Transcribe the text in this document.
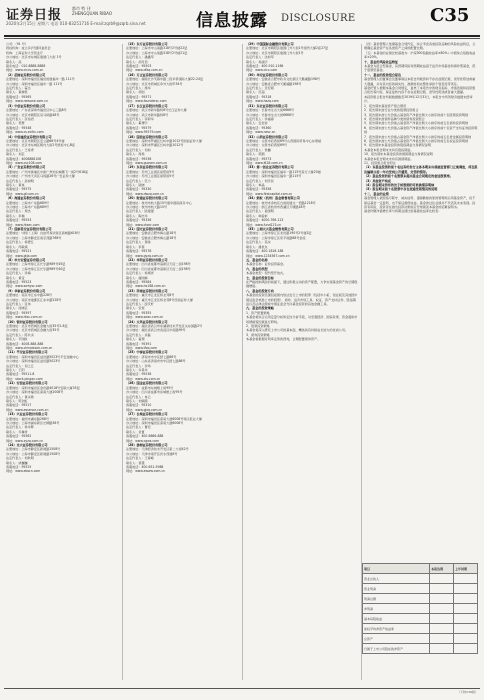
证券日报 都市 特 刊
ZHENGQUAN RIBAO
2020年2月15日 星期六 电话 010-83251716 E-mail:zqrb9@zqrb.sina.net	信息披露 DISCLOSURE	C35

公司：（91 号）

授权机构：成立(1)号通风委员会

机构：上海证券大学营业厅

办公地址：北京市东城区建国门大街 1号

联系人：高

联系电话：010-8888-8888

网址：www.ciccs.com.cn

（2）招商证券股份有限公司

注册地址：深圳市福田区福田街道福华一路 111号

办公地址：深圳市福田区福华一路 111号

法定代表人：霍达

联系人：黄婵君

客服电话：95565

网址：www.newone.com.cn

（3）中信证券股份有限公司

注册地址：广东省深圳市福田区中心三路8号

办公地址：北京市朝阳区亮马桥路48号

法定代表人：张佑君

联系人：郑慧

客服电话：95548

网址：www.cs.ecitic.com

（4）中信建投证券股份有限公司

注册地址：北京市朝阳区安立路66号4号楼

办公地址：北京市东城区朝内大街2号凯恒中心B座

法定代表人：王常青

联系人：刘芸

客服电话：4008888108

网址：www.csc108.com

（5）广发证券股份有限公司

注册地址：广州市黄埔区中新广州知识城腾飞一街2号618室

办公地址：广州市天河区马场路26号广发证券大厦

法定代表人：孙树明

联系人：黄岚

客服电话：95575

网址：www.gf.com.cn

（6）海通证券股份有限公司

注册地址：上海市广东路689号

办公地址：上海市广东路689号

法定代表人：周杰

联系人：李楠

客服电话：95553

网址：www.htsec.com

（7）国泰君安证券股份有限公司

注册地址：中国（上海）自由贸易试验区商城路618号

办公地址：上海市静安区南京西路768号

法定代表人：杨德红

联系人：芮敏祺

客服电话：95521

网址：www.gtja.com

（8）申万宏源证券有限公司

注册地址：上海市徐汇区长乐路989号45层

办公地址：上海市徐汇区长乐路989号40层

法定代表人：李梅

联系人：黄莹

客服电话：95523

网址：www.swhysc.com

（9）华泰证券股份有限公司

注册地址：南京市江东中路228号

办公地址：南京市建邺区江东中路228号

法定代表人：张伟

联系人：庞晓芸

客服电话：95597

网址：www.htsc.com.cn

（10）银河证券股份有限公司

注册地址：北京市西城区金融大街35号2-6层

办公地址：北京市西城区金融大街35号

法定代表人：陈共炎

联系人：辛国政

客服电话：4008-888-888

网址：www.chinastock.com.cn

（11）平安证券股份有限公司

注册地址：深圳市福田区益田路5023号平安金融中心

办公地址：深圳市福田区益田路5023号

法定代表人：何之江

联系人：王阳

客服电话：95511-8

网址：stock.pingan.com

（12）安信证券股份有限公司

注册地址：深圳市福田区金田路4018号安联大厦35层

办公地址：深圳市福田区深南大道2008号

法定代表人：黄炎勋

联系人：陈剑虹

客服电话：95517

网址：www.essence.com.cn

（13）兴业证券股份有限公司

注册地址：福州市湖东路268号

办公地址：上海市浦东新区长柳路36号

法定代表人：杨华辉

联系人：乔琳雪

客服电话：95562

网址：www.xyzq.com.cn

（14）光大证券股份有限公司

注册地址：上海市静安区新闸路1508号

办公地址：上海市静安区新闸路1508号

法定代表人：刘秋明

联系人：姚巍巍

客服电话：95525

网址：www.ebscn.com

（15）东方证券股份有限公司

注册地址：上海市中山南路318号2号楼22层

办公地址：上海市中山南路318号2号楼21层

法定代表人：潘鑫军

联系人：胡月茹

客服电话：95503

网址：www.dfzq.com.cn

（16）方正证券股份有限公司

注册地址：湖南长沙芙蓉中路二段华侨国际大厦22-24层

办公地址：北京市西城区阜外大街甲34号

法定代表人：施华

联系人：胡创

客服电话：95571

网址：www.foundersc.com

（17）长江证券股份有限公司

注册地址：武汉市新华路特8号长江证券大厦

办公地址：武汉市新华路特8号

法定代表人：李新华

联系人：奚博宇

客服电话：95579

网址：www.95579.com

（18）国信证券股份有限公司

注册地址：深圳市罗湖区红岭中路1012号国信证券大厦

办公地址：深圳市罗湖区红岭中路1012号

法定代表人：何如

联系人：周杨

客服电话：95536

网址：www.guosen.com.cn

（19）东吴证券股份有限公司

注册地址：苏州工业园区星阳街5号

办公地址：苏州工业园区星阳街5号

法定代表人：范力

联系人：陆晓

客服电话：95330

网址：www.dwzq.com.cn

（20）财通证券股份有限公司

注册地址：杭州市杭大路15号嘉华国际商务中心

办公地址：杭州市杭大路15号

法定代表人：陆建强

联系人：陶志华

客服电话：95336

网址：www.ctsec.com

（21）国元证券股份有限公司

注册地址：安徽省合肥市梅山路18号

办公地址：安徽省合肥市梅山路18号

法定代表人：蔡咏

联系人：李蔡

客服电话：95578

网址：www.gyzq.com.cn

（22）华西证券股份有限公司

注册地址：四川省成都市高新区天府二街198号

办公地址：四川省成都市高新区天府二街198号

法定代表人：杨炯洋

联系人：谢国梅

客服电话：95584

网址：www.hx168.com.cn

（23）西南证券股份有限公司

注册地址：重庆市江北区桥北苑8号

办公地址：重庆市江北区桥北苑8号西南证券大厦

法定代表人：廖庆轩

联系人：张煜

客服电话：95355

网址：www.swsc.com.cn

（24）天风证券股份有限公司

注册地址：湖北省武汉市东湖新技术开发区关东园路2号

办公地址：湖北省武汉市武昌区中南路99号

法定代表人：余磊

联系人：翟璟

客服电话：95391

网址：www.tfzq.com

（25）中泰证券股份有限公司

注册地址：济南市市中区经七路86号

办公地址：山东省济南市市中区经七路86号

法定代表人：李玮

联系人：许曼华

客服电话：95538

网址：www.zts.com.cn

（26）国金证券股份有限公司

注册地址：成都市东城根上街95号

办公地址：四川省成都市东城根上街95号

法定代表人：冉云

联系人：刘婧漪

客服电话：95310

网址：www.gjzq.com.cn

（27）长城证券股份有限公司

注册地址：深圳市福田区深南大道6008号特区报业大厦

办公地址：深圳市福田区深南大道6008号

法定代表人：曹宏

联系人：金夏

客服电话：400-6666-888

网址：www.cgws.com

（28）渤海证券股份有限公司

注册地址：天津经济技术开发区第二大街42号

办公地址：天津市南开区宾水西道8号

法定代表人：王春峰

联系人：蔡霆

客服电话：400-651-5988

网址：www.ewww.com.cn

（29）中国国际金融股份有限公司

注册地址：北京市朝阳区建国门外大街1号国贸大厦2座27层

办公地址：北京市朝阳区建国门外大街1号

法定代表人：沈如军

联系人：杨涵宇

客服电话：400-910-1166

网址：www.cicc.com

（30）华安证券股份有限公司

注册地址：安徽省合肥市政务文化新区天鹅湖路198号

办公地址：安徽省合肥市天鹅湖路198号

法定代表人：章宏韬

联系人：范超

客服电话：95318

网址：www.hazq.com

（31）东北证券股份有限公司

注册地址：长春市生态大街6666号

办公地址：长春市生态大街6666号

法定代表人：李福春

联系人：安岩岩

客服电话：95360

网址：www.nesc.cn

（32）山西证券股份有限公司

注册地址：太原市府西街69号山西国际贸易中心东塔楼

办公地址：太原市府西街69号

法定代表人：侯巍

联系人：郭熠

客服电话：95573

网址：www.i618.com.cn

（33）第一创业证券股份有限公司

注册地址：深圳市福田区福华一路115号投行大厦20楼

办公地址：深圳市福田区福华一路115号

法定代表人：刘学民

联系人：单晶

客服电话：95358

网址：www.firstcapital.com.cn

（34）蚂蚁（杭州）基金销售有限公司

注册地址：杭州市余杭区仓前街道文一西路1218号

办公地址：浙江省杭州市西湖区万塘路18号

法定代表人：祖国明

联系人：韩爱彬

客服电话：4000-766-123

网址：www.fund123.cn

（35）上海天天基金销售有限公司

注册地址：上海市徐汇区龙田路190号2号楼2层

办公地址：上海市徐汇区宛平南路88号金座

法定代表人：其实

联系人：潘世友

客服电话：400-1818-188

网址：www.1234567.com.cn

五、基金的名称

本基金名称：证券投资基金。

六、基金的类型

本基金类型：契约型开放式。

七、基金的投资目标

在严格控制风险的前提下，通过积极主动的资产配置，力争实现基金资产的长期稳健增值。

八、基金的投资方向

本基金的投资范围包括国内依法发行上市的股票（包括中小板、创业板及其他经中国证监会核准上市的股票）、债券、货币市场工具、权证、资产支持证券、股指期货以及法律法规或中国证监会允许基金投资的其他金融工具。

九、基金的投资策略

1、资产配置策略

本基金将综合运用定量分析和定性分析手段，对宏观经济、国家政策、资金面和市场情绪等因素进行研判。

2、股票投资策略

本基金将深入研究上市公司的基本面，精选具有持续成长能力的优质公司。

3、债券投资策略

本基金将根据对利率走势的预判，合理配置债券资产。

（四）基金管理人依据基金合同约定，综合考虑各类投资品种的风险收益特征，合理确定基金资产在各类资产之间的配置比例。

（五）本基金的业绩比较基准为：沪深300指数收益率×80%＋中债综合指数收益率×20%。

十、基金的风险收益特征

本基金为混合型基金，其预期风险和预期收益高于货币市场基金和债券型基金，低于股票型基金。

十一、基金的投资组合报告

基金管理人的董事会及董事保证本报告所载资料不存在虚假记载、误导性陈述或重大遗漏，并对其内容的真实性、准确性和完整性承担个别及连带责任。

基金托管人根据本基金合同规定，复核了本报告中的财务指标、净值表现和投资组合报告等内容，保证复核内容不存在虚假记载、误导性陈述或者重大遗漏。

本投资组合报告所载数据截至2019年12月31日，本报告中所列财务数据未经审计。

1、报告期末基金资产组合情况

2、报告期末按行业分类的股票投资组合

3、报告期末按公允价值占基金资产净值比例大小排序的前十名股票投资明细

4、报告期末按债券品种分类的债券投资组合

5、报告期末按公允价值占基金资产净值比例大小排序的前五名债券投资明细

6、报告期末按公允价值占基金资产净值比例大小排序的前十名资产支持证券投资明细

7、报告期末按公允价值占基金资产净值比例大小排序的前五名贵金属投资明细

8、报告期末按公允价值占基金资产净值比例大小排序的前五名权证投资明细

9、报告期末本基金投资的股指期货交易情况说明

本基金本报告期末未持有股指期货。

10、报告期末本基金投资的国债期货交易情况说明

本基金本报告期末未持有国债期货。

11、投资组合报告附注

（1）本基金投资的前十名证券的发行主体本期未出现被监管部门立案调查，或在报告编制日前一年内受到公开谴责、处罚的情形。

（2）基金投资的前十名股票未超出基金合同规定的备选股票库。

（3）其他资产构成

（4）报告期末持有的处于转股期的可转换债券明细

（5）报告期末前十名股票中存在流通受限情况的说明

十二、基金的业绩

基金管理人依照恪尽职守、诚实信用、谨慎勤勉的原则管理和运用基金资产，但不保证基金一定盈利，也不保证最低收益。基金的过往业绩并不代表其未来表现。投资有风险，投资者在做出投资决策前应仔细阅读本基金的招募说明书。

基金份额净值增长率与同期业绩比较基准收益率比较表：

项目	本报告期	上年同期
营业总收入		
营业利润		
利润总额		
净利润		
基本每股收益		
加权平均净资产收益率		
总资产		
归属于上市公司股东的净资产		
（下转C36版）
